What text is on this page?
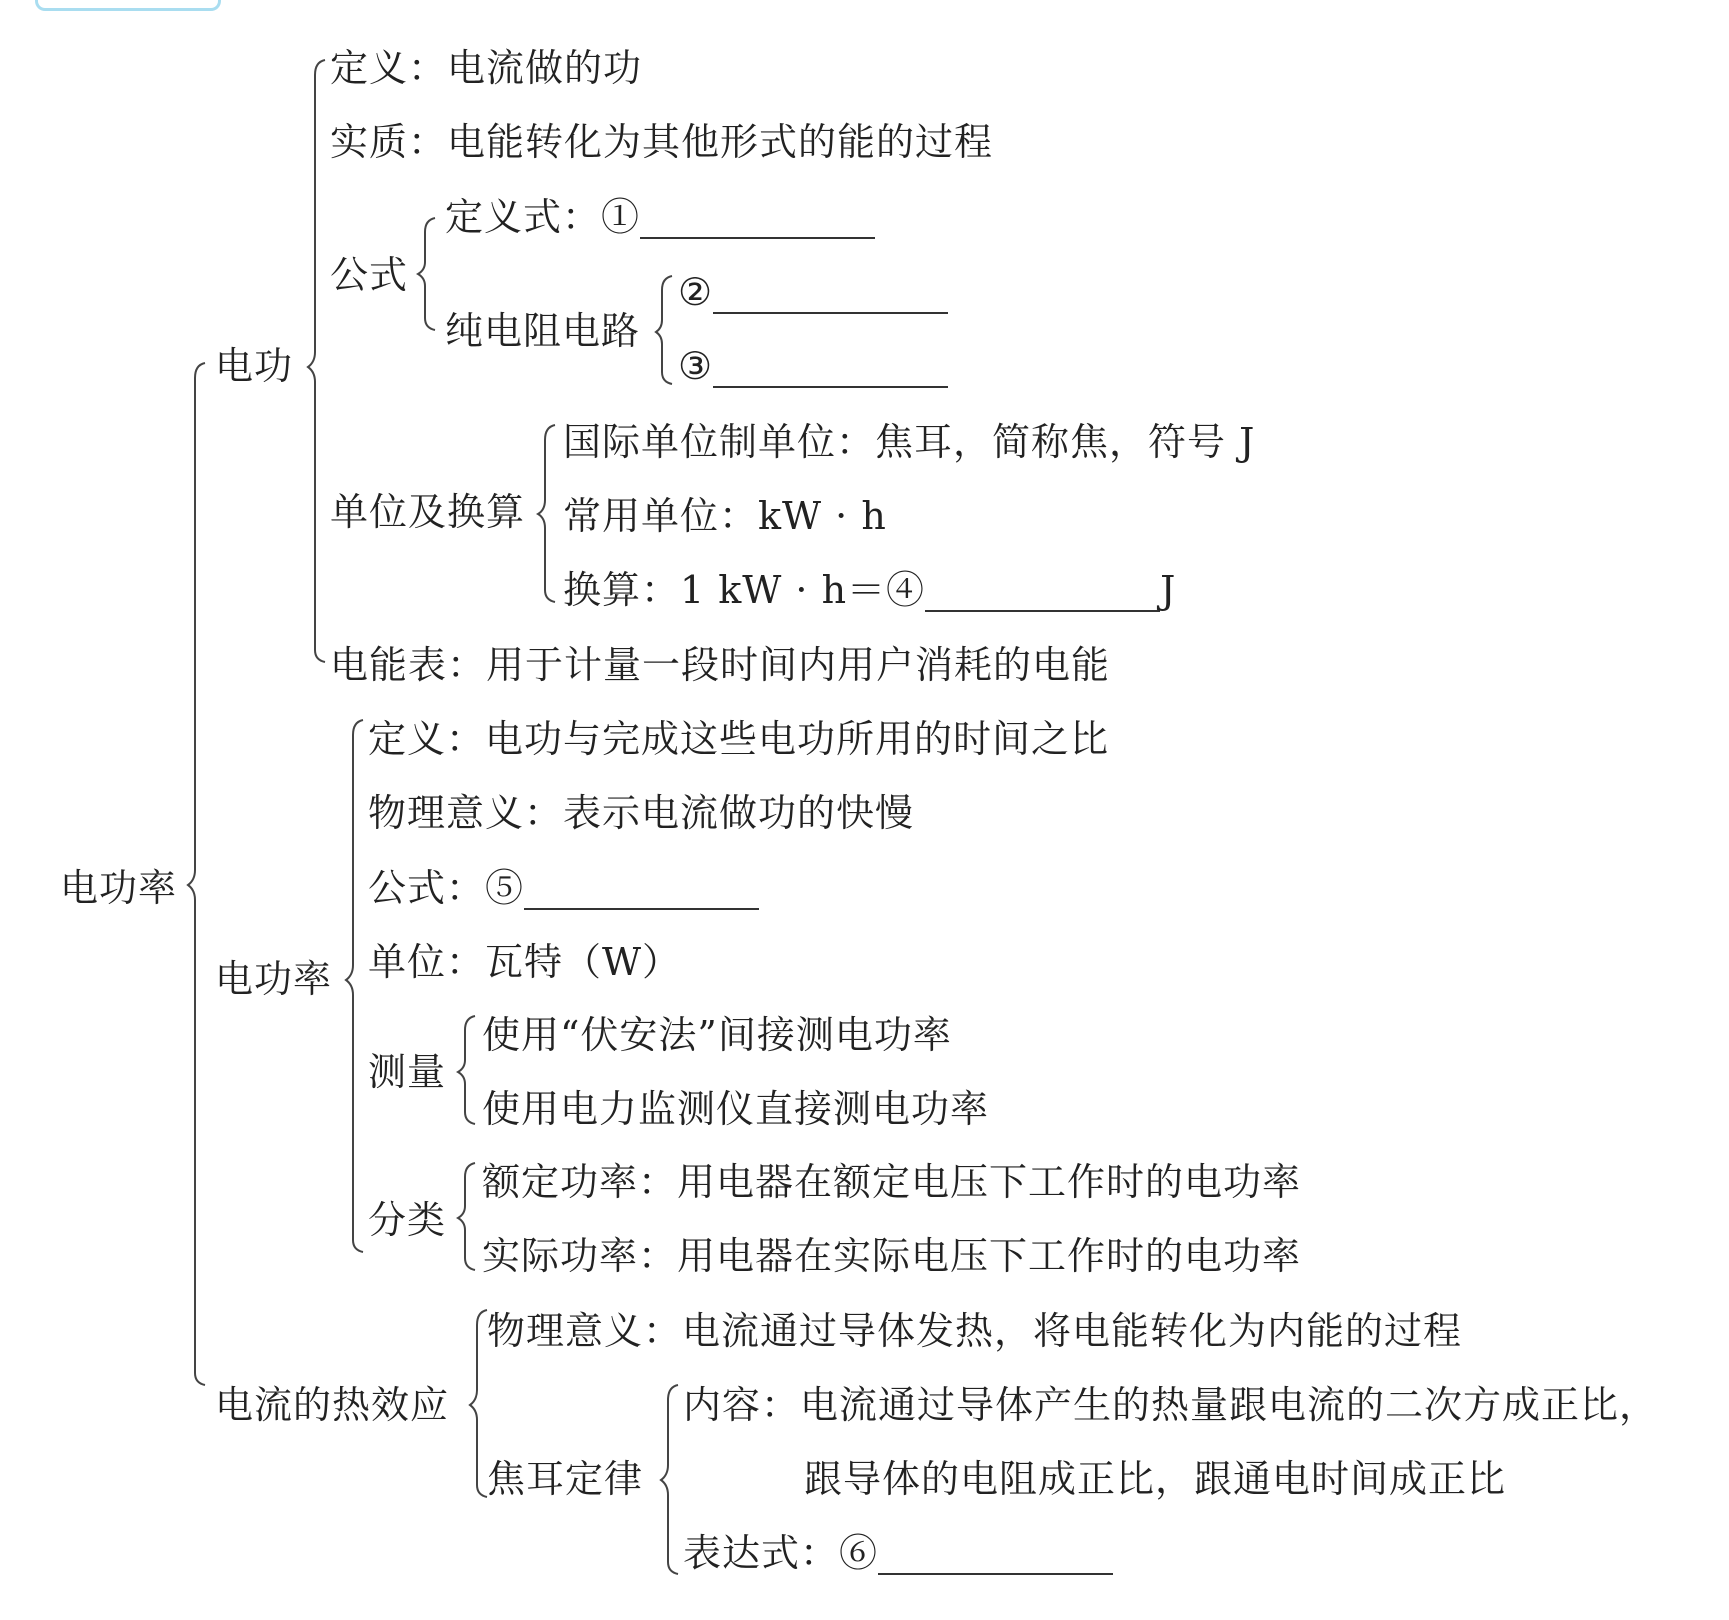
电功率
电功
定义：电流做的功
实质：电能转化为其他形式的能的过程
公式
定义式：①
纯电阻电路
②
③
单位及换算
国际单位制单位：焦耳，简称焦，符号 J
常用单位：kW · h
换算：1 kW · h＝④	J
电能表：用于计量一段时间内用户消耗的电能
电功率
定义：电功与完成这些电功所用的时间之比
物理意义：表示电流做功的快慢
公式：⑤
单位：瓦特（W）
测量
使用“伏安法”间接测电功率
使用电力监测仪直接测电功率
分类
额定功率：用电器在额定电压下工作时的电功率
实际功率：用电器在实际电压下工作时的电功率
电流的热效应
物理意义：电流通过导体发热，将电能转化为内能的过程
焦耳定律
内容：电流通过导体产生的热量跟电流的二次方成正比，
跟导体的电阻成正比，跟通电时间成正比
表达式：⑥
